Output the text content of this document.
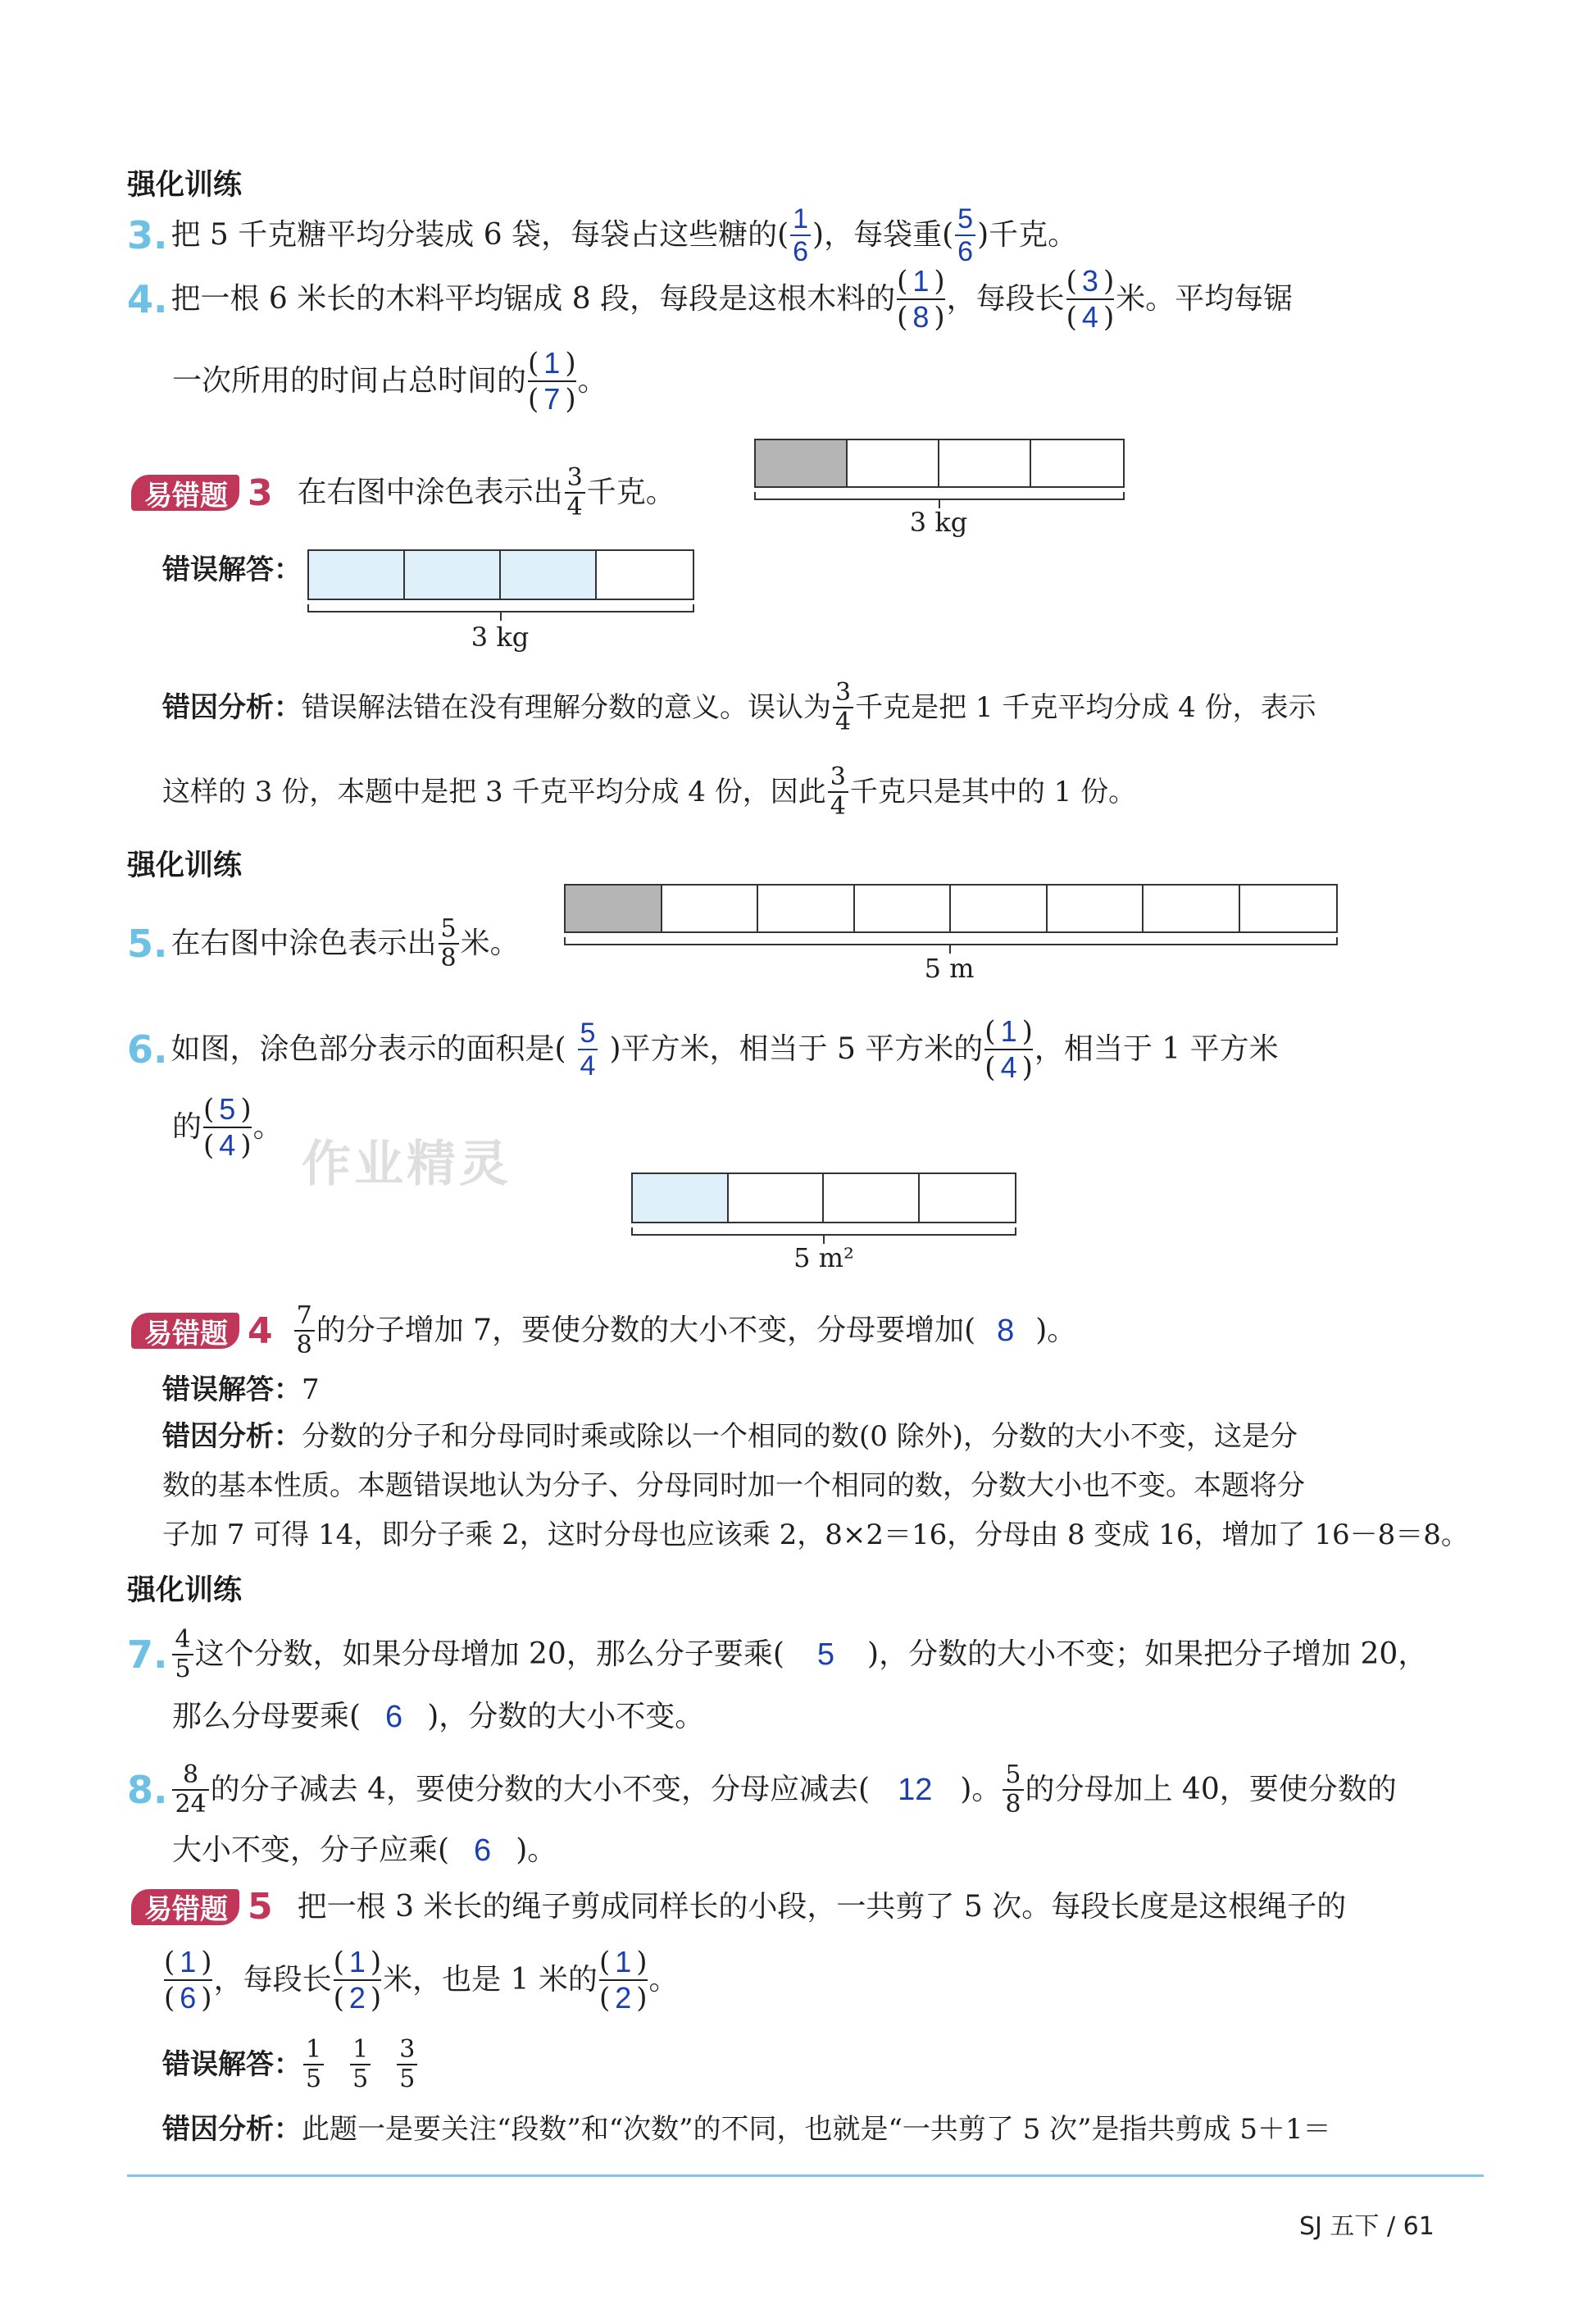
强化训练
3. 把 5 千克糖平均分装成 6 袋，每袋占这些糖的( $\frac{1}{6}$ )，每袋重( $\frac{5}{6}$ )千克。
4. 把一根 6 米长的木料平均锯成 8 段，每段是这根木料的
( 1 )
( 8 )
，每段长
( 3 )
( 4 )
米。平均每锯
一次所用的时间占总时间的
( 1 )
( 7 )
。
易错题 3 在右图中涂色表示出 $\frac{3}{4}$ 千克。
3 kg
错误解答：
3 kg
错因分析： 错误解法错在没有理解分数的意义。误认为 $\frac{3}{4}$ 千克是把 1 千克平均分成 4 份，表示
这样的 3 份，本题中是把 3 千克平均分成 4 份，因此 $\frac{3}{4}$ 千克只是其中的 1 份。
强化训练
5. 在右图中涂色表示出 $\frac{5}{8}$ 米。
5 m
6. 如图，涂色部分表示的面积是( $\frac{5}{4}$ )平方米，相当于 5 平方米的
( 1 )
( 4 )
，相当于 1 平方米
的
( 5 )
( 4 )
。
作业精灵
5 m²
易错题 $4 \frac{7}{8}$ 的分子增加 7，要使分数的大小不变，分母要增加( 8 )。
错误解答：7
错因分析：分数的分子和分母同时乘或除以一个相同的数(0 除外)，分数的大小不变，这是分
数的基本性质。本题错误地认为分子、分母同时加一个相同的数，分数大小也不变。本题将分
子加 7 可得 14，即分子乘 2，这时分母也应该乘 2，8×2＝16，分母由 8 变成 16，增加了 16－8＝8。
强化训练
7. $\frac{4}{5}$ 这个分数，如果分母增加 20，那么分子要乘( 5 )，分数的大小不变；如果把分子增加 20，
那么分母要乘( 6 )，分数的大小不变。
8. $\frac{8}{24}$ 的分子减去 4，要使分数的大小不变，分母应减去( 12 )。 $\frac{5}{8}$ 的分母加上 40，要使分数的
大小不变，分子应乘( 6 )。
易错题 5 把一根 3 米长的绳子剪成同样长的小段，一共剪了 5 次。每段长度是这根绳子的
( 1 )
( 6 )
，每段长
( 1 )
( 2 )
米，也是 1 米的
( 1 )
( 2 )
。
错误解答： $\frac{1}{5} \frac{1}{5} \frac{3}{5}$
错因分析：此题一是要关注“段数”和“次数”的不同，也就是“一共剪了 5 次”是指共剪成 5＋1＝
SJ 五下 / 61
